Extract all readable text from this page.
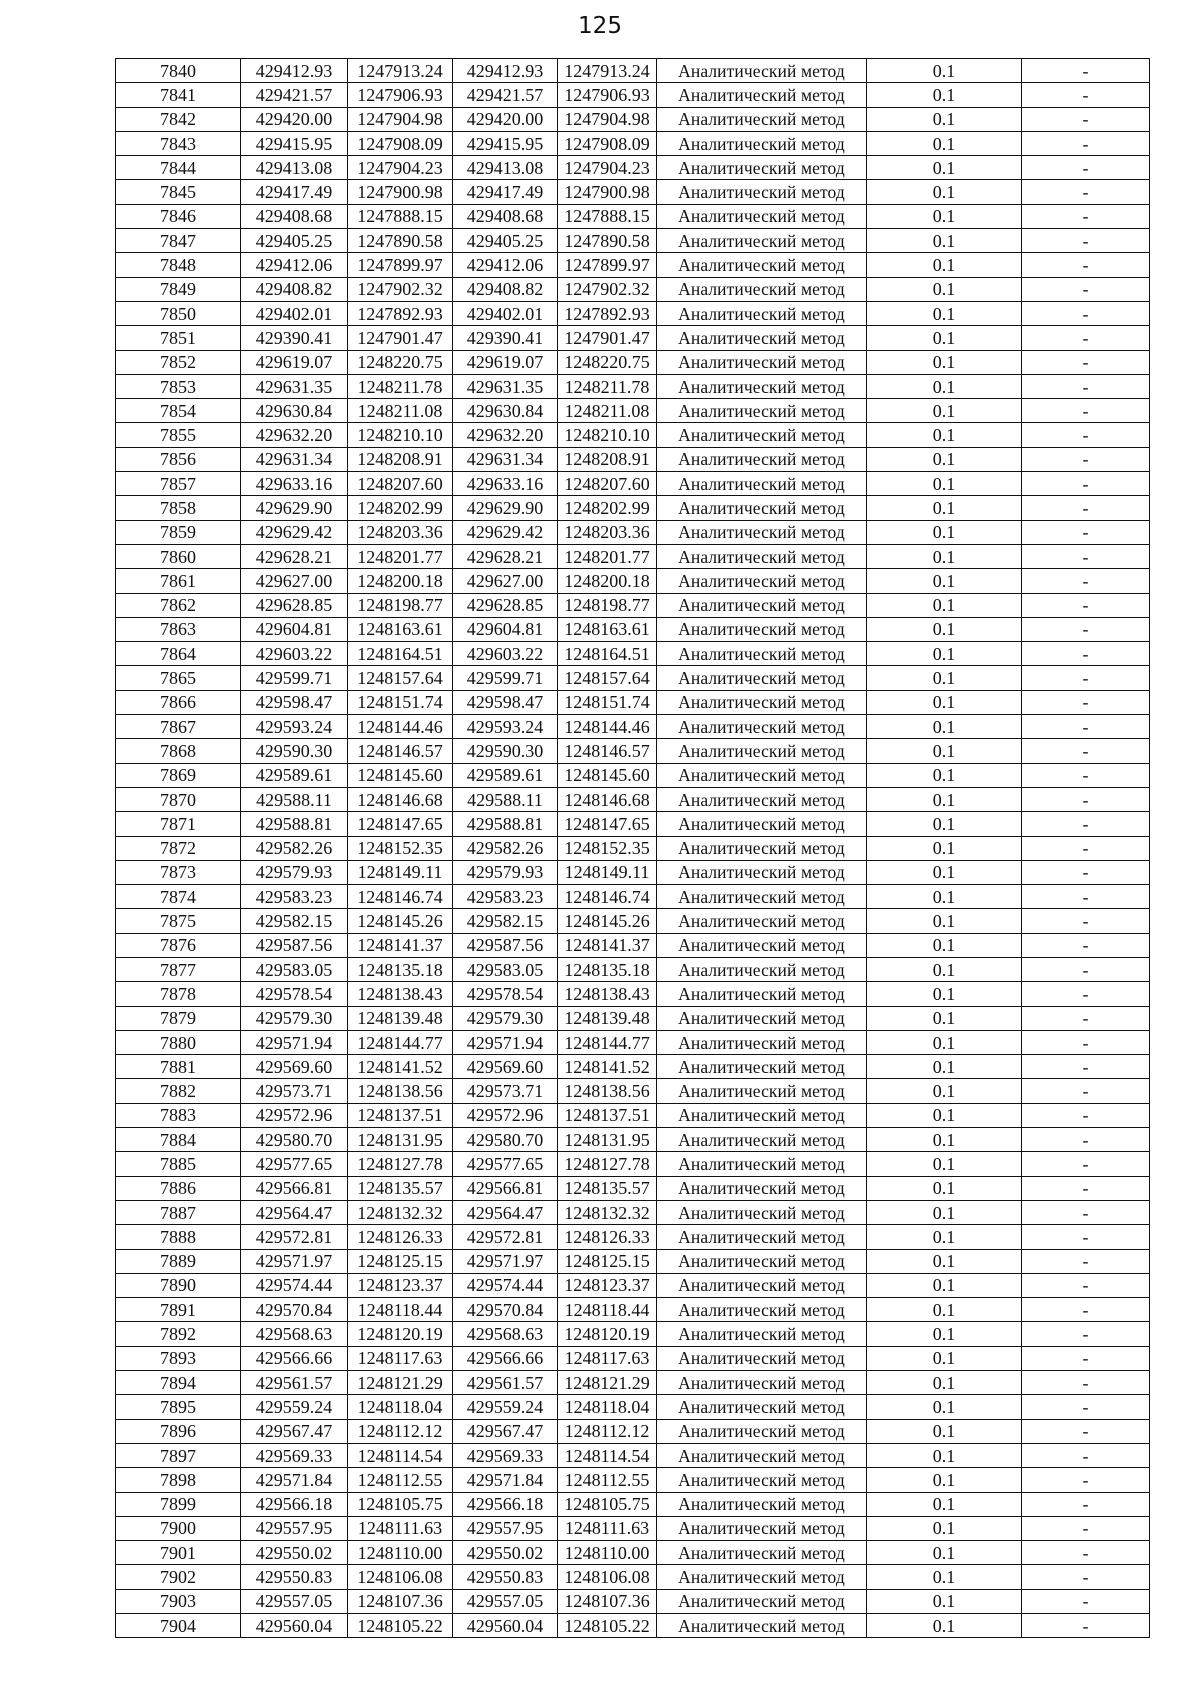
125
7840	429412.93	1247913.24	429412.93	1247913.24	Аналитический метод	0.1	-
7841	429421.57	1247906.93	429421.57	1247906.93	Аналитический метод	0.1	-
7842	429420.00	1247904.98	429420.00	1247904.98	Аналитический метод	0.1	-
7843	429415.95	1247908.09	429415.95	1247908.09	Аналитический метод	0.1	-
7844	429413.08	1247904.23	429413.08	1247904.23	Аналитический метод	0.1	-
7845	429417.49	1247900.98	429417.49	1247900.98	Аналитический метод	0.1	-
7846	429408.68	1247888.15	429408.68	1247888.15	Аналитический метод	0.1	-
7847	429405.25	1247890.58	429405.25	1247890.58	Аналитический метод	0.1	-
7848	429412.06	1247899.97	429412.06	1247899.97	Аналитический метод	0.1	-
7849	429408.82	1247902.32	429408.82	1247902.32	Аналитический метод	0.1	-
7850	429402.01	1247892.93	429402.01	1247892.93	Аналитический метод	0.1	-
7851	429390.41	1247901.47	429390.41	1247901.47	Аналитический метод	0.1	-
7852	429619.07	1248220.75	429619.07	1248220.75	Аналитический метод	0.1	-
7853	429631.35	1248211.78	429631.35	1248211.78	Аналитический метод	0.1	-
7854	429630.84	1248211.08	429630.84	1248211.08	Аналитический метод	0.1	-
7855	429632.20	1248210.10	429632.20	1248210.10	Аналитический метод	0.1	-
7856	429631.34	1248208.91	429631.34	1248208.91	Аналитический метод	0.1	-
7857	429633.16	1248207.60	429633.16	1248207.60	Аналитический метод	0.1	-
7858	429629.90	1248202.99	429629.90	1248202.99	Аналитический метод	0.1	-
7859	429629.42	1248203.36	429629.42	1248203.36	Аналитический метод	0.1	-
7860	429628.21	1248201.77	429628.21	1248201.77	Аналитический метод	0.1	-
7861	429627.00	1248200.18	429627.00	1248200.18	Аналитический метод	0.1	-
7862	429628.85	1248198.77	429628.85	1248198.77	Аналитический метод	0.1	-
7863	429604.81	1248163.61	429604.81	1248163.61	Аналитический метод	0.1	-
7864	429603.22	1248164.51	429603.22	1248164.51	Аналитический метод	0.1	-
7865	429599.71	1248157.64	429599.71	1248157.64	Аналитический метод	0.1	-
7866	429598.47	1248151.74	429598.47	1248151.74	Аналитический метод	0.1	-
7867	429593.24	1248144.46	429593.24	1248144.46	Аналитический метод	0.1	-
7868	429590.30	1248146.57	429590.30	1248146.57	Аналитический метод	0.1	-
7869	429589.61	1248145.60	429589.61	1248145.60	Аналитический метод	0.1	-
7870	429588.11	1248146.68	429588.11	1248146.68	Аналитический метод	0.1	-
7871	429588.81	1248147.65	429588.81	1248147.65	Аналитический метод	0.1	-
7872	429582.26	1248152.35	429582.26	1248152.35	Аналитический метод	0.1	-
7873	429579.93	1248149.11	429579.93	1248149.11	Аналитический метод	0.1	-
7874	429583.23	1248146.74	429583.23	1248146.74	Аналитический метод	0.1	-
7875	429582.15	1248145.26	429582.15	1248145.26	Аналитический метод	0.1	-
7876	429587.56	1248141.37	429587.56	1248141.37	Аналитический метод	0.1	-
7877	429583.05	1248135.18	429583.05	1248135.18	Аналитический метод	0.1	-
7878	429578.54	1248138.43	429578.54	1248138.43	Аналитический метод	0.1	-
7879	429579.30	1248139.48	429579.30	1248139.48	Аналитический метод	0.1	-
7880	429571.94	1248144.77	429571.94	1248144.77	Аналитический метод	0.1	-
7881	429569.60	1248141.52	429569.60	1248141.52	Аналитический метод	0.1	-
7882	429573.71	1248138.56	429573.71	1248138.56	Аналитический метод	0.1	-
7883	429572.96	1248137.51	429572.96	1248137.51	Аналитический метод	0.1	-
7884	429580.70	1248131.95	429580.70	1248131.95	Аналитический метод	0.1	-
7885	429577.65	1248127.78	429577.65	1248127.78	Аналитический метод	0.1	-
7886	429566.81	1248135.57	429566.81	1248135.57	Аналитический метод	0.1	-
7887	429564.47	1248132.32	429564.47	1248132.32	Аналитический метод	0.1	-
7888	429572.81	1248126.33	429572.81	1248126.33	Аналитический метод	0.1	-
7889	429571.97	1248125.15	429571.97	1248125.15	Аналитический метод	0.1	-
7890	429574.44	1248123.37	429574.44	1248123.37	Аналитический метод	0.1	-
7891	429570.84	1248118.44	429570.84	1248118.44	Аналитический метод	0.1	-
7892	429568.63	1248120.19	429568.63	1248120.19	Аналитический метод	0.1	-
7893	429566.66	1248117.63	429566.66	1248117.63	Аналитический метод	0.1	-
7894	429561.57	1248121.29	429561.57	1248121.29	Аналитический метод	0.1	-
7895	429559.24	1248118.04	429559.24	1248118.04	Аналитический метод	0.1	-
7896	429567.47	1248112.12	429567.47	1248112.12	Аналитический метод	0.1	-
7897	429569.33	1248114.54	429569.33	1248114.54	Аналитический метод	0.1	-
7898	429571.84	1248112.55	429571.84	1248112.55	Аналитический метод	0.1	-
7899	429566.18	1248105.75	429566.18	1248105.75	Аналитический метод	0.1	-
7900	429557.95	1248111.63	429557.95	1248111.63	Аналитический метод	0.1	-
7901	429550.02	1248110.00	429550.02	1248110.00	Аналитический метод	0.1	-
7902	429550.83	1248106.08	429550.83	1248106.08	Аналитический метод	0.1	-
7903	429557.05	1248107.36	429557.05	1248107.36	Аналитический метод	0.1	-
7904	429560.04	1248105.22	429560.04	1248105.22	Аналитический метод	0.1	-
